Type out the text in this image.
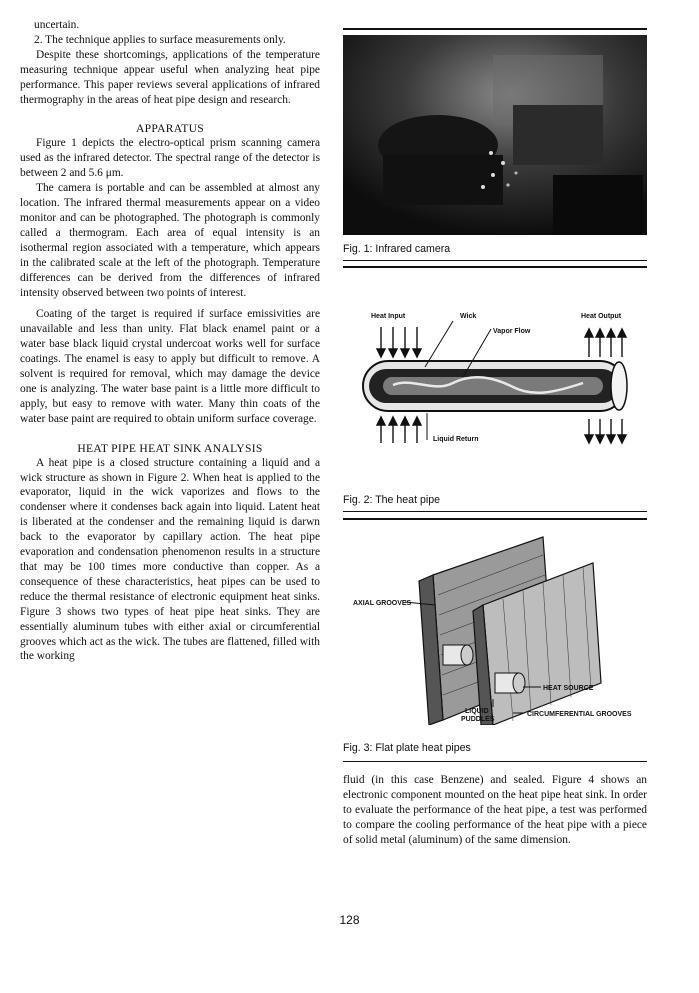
uncertain.

2. The technique applies to surface measurements only.

Despite these shortcomings, applications of the temperature measuring technique appear useful when analyzing heat pipe performance. This paper reviews several applications of infrared thermography in the areas of heat pipe design and research.

APPARATUS

Figure 1 depicts the electro-optical prism scanning camera used as the infrared detector. The spectral range of the detector is between 2 and 5.6 μm.

The camera is portable and can be assembled at almost any location. The infrared thermal measurements appear on a video monitor and can be photographed. The photograph is commonly called a thermogram. Each area of equal intensity is an isothermal region associated with a temperature, which appears in the calibrated scale at the left of the photograph. Temperature differences can be derived from the differences of infrared intensity observed between two points of interest.

Coating of the target is required if surface emissivities are unavailable and less than unity. Flat black enamel paint or a water base black liquid crystal undercoat works well for surface coatings. The enamel is easy to apply but difficult to remove. A solvent is required for removal, which may damage the device one is analyzing. The water base paint is a little more difficult to apply, but easy to remove with water. Many thin coats of the water base paint are required to obtain uniform surface coverage.

HEAT PIPE HEAT SINK ANALYSIS

A heat pipe is a closed structure containing a liquid and a wick structure as shown in Figure 2. When heat is applied to the evaporator, liquid in the wick vaporizes and flows to the condenser where it condenses back again into liquid. Latent heat is liberated at the condenser and the remaining liquid is darwn back to the evaporator by capillary action. The heat pipe evaporation and condensation phenomenon results in a structure that may be 100 times more conductive than copper. As a consequence of these characteristics, heat pipes can be used to reduce the thermal resistance of electronic equipment heat sinks. Figure 3 shows two types of heat pipe heat sinks. They are essentially aluminum tubes with either axial or circumferential grooves which act as the wick. The tubes are flattened, filled with the working

Fig. 1: Infrared camera
Heat Input	Wick
Vapor Flow
Heat Output
Liquid Return
Fig. 2: The heat pipe
AXIAL GROOVES
HEAT SOURCE
LIQUID
PUDDLES
CIRCUMFERENTIAL GROOVES
Fig. 3: Flat plate heat pipes

fluid (in this case Benzene) and sealed. Figure 4 shows an electronic component mounted on the heat pipe heat sink. In order to evaluate the performance of the heat pipe, a test was performed to compare the cooling performance of the heat pipe with a piece of solid metal (aluminum) of the same dimension.

128
